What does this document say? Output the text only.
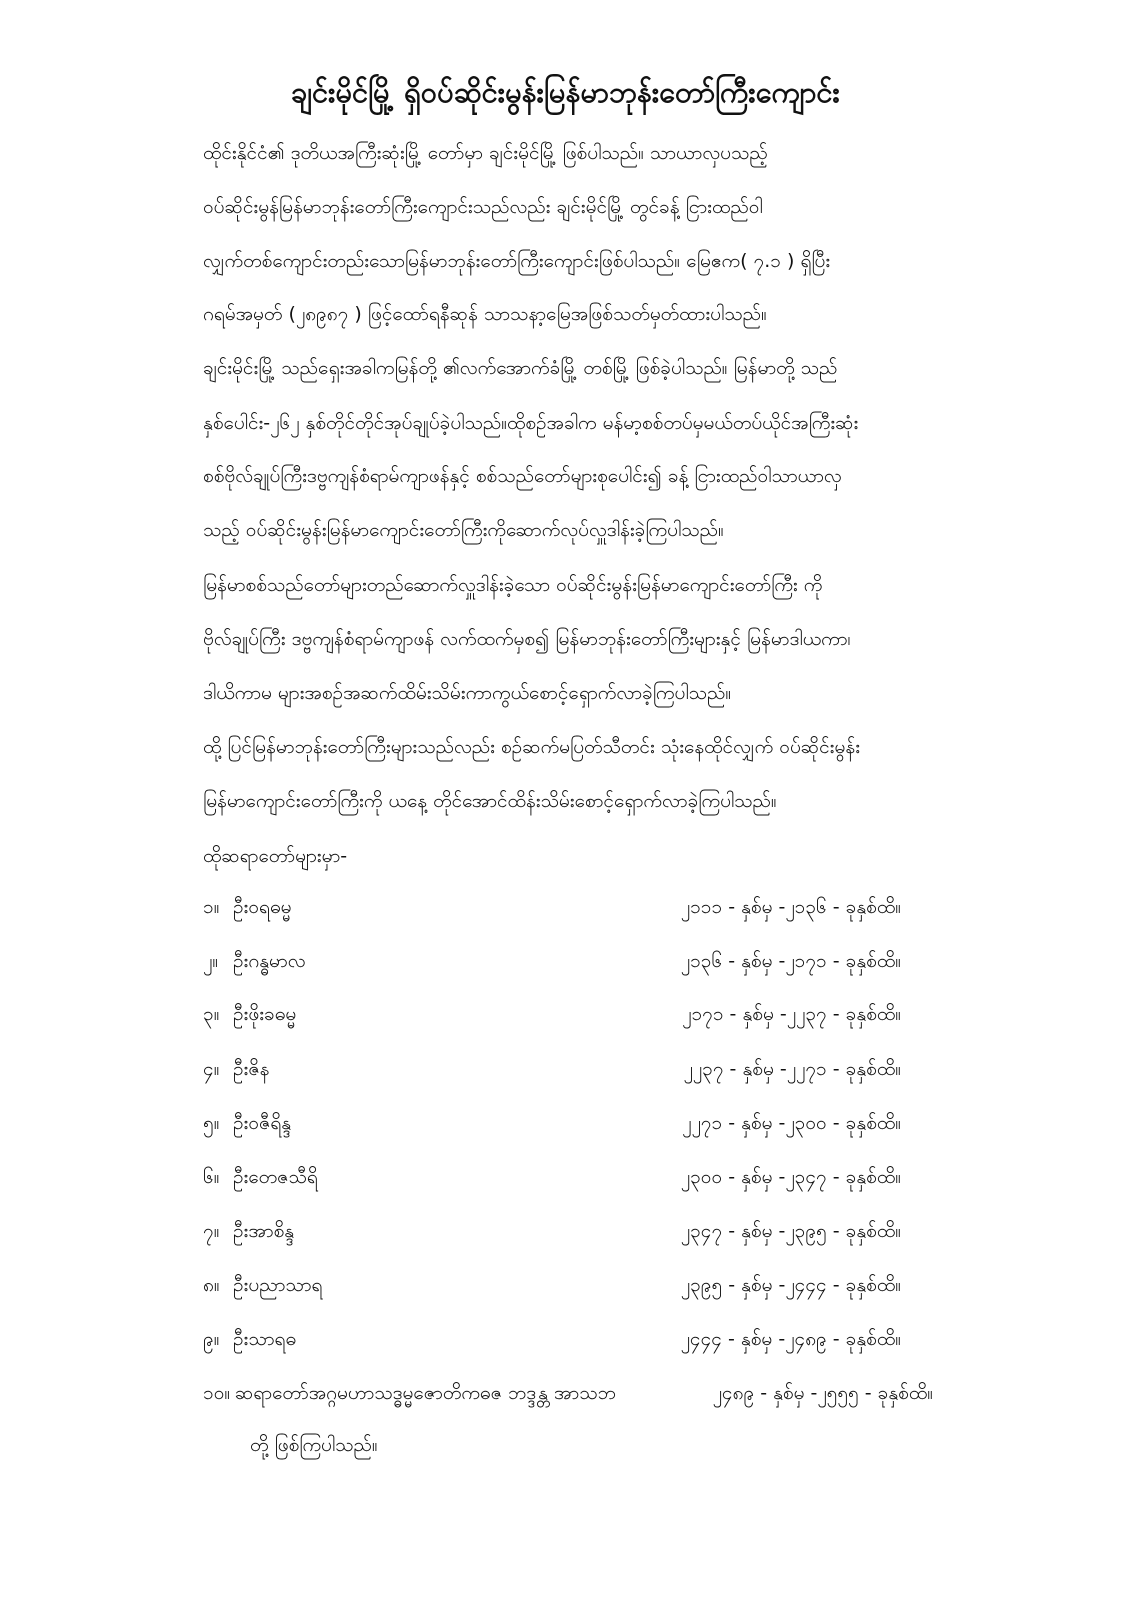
ချင်းမိုင်မြို့ ရှိဝပ်ဆိုင်းမွန်းမြန်မာဘုန်းတော်ကြီးကျောင်း
ထိုင်းနိုင်ငံ၏ ဒုတိယအကြီးဆုံးမြို့ တော်မှာ ချင်းမိုင်မြို့ ဖြစ်ပါသည်။ သာယာလှပသည့်
ဝပ်ဆိုင်းမွန်မြန်မာဘုန်းတော်ကြီးကျောင်းသည်လည်း ချင်းမိုင်မြို့ တွင်ခန့် ငြားထည်ဝါ
လျှက်တစ်ကျောင်းတည်းသောမြန်မာဘုန်းတော်ကြီးကျောင်းဖြစ်ပါသည်။ မြေဧက( ၇.၁ ) ရှိပြီး
ဂရမ်အမှတ် (၂၈၉၈၇ ) ဖြင့်ထော်ရနီဆုန် သာသနာ့မြေအဖြစ်သတ်မှတ်ထားပါသည်။
ချင်းမိုင်းမြို့ သည်ရှေးအခါကမြန်တို့ ၏လက်အောက်ခံမြို့ တစ်မြို့ ဖြစ်ခဲ့ပါသည်။ မြန်မာတို့ သည်
နှစ်ပေါင်း-၂၆၂ နှစ်တိုင်တိုင်အုပ်ချုပ်ခဲ့ပါသည်။ထိုစဉ်အခါက မန်မာ့စစ်တပ်မှမယ်တပ်ယိုင်အကြီးဆုံး
စစ်ဗိုလ်ချုပ်ကြီးဒဗ္ဗကျန်စံရာမ်ကျာဖန်နှင့် စစ်သည်တော်များစုပေါင်း၍ ခန့် ငြားထည်ဝါသာယာလှ
သည့် ဝပ်ဆိုင်းမွန်းမြန်မာကျောင်းတော်ကြီးကိုဆောက်လုပ်လှူဒါန်းခဲ့ကြပါသည်။
မြန်မာစစ်သည်တော်များတည်ဆောက်လှူဒါန်းခဲ့သော ဝပ်ဆိုင်းမွန်းမြန်မာကျောင်းတော်ကြီး ကို
ဗိုလ်ချုပ်ကြီး ဒဗ္ဗကျန်စံရာမ်ကျာဖန် လက်ထက်မှစ၍ မြန်မာဘုန်းတော်ကြီးများနှင့် မြန်မာဒါယကာ၊
ဒါယိကာမ များအစဉ်အဆက်ထိမ်းသိမ်းကာကွယ်စောင့်ရှောက်လာခဲ့ကြပါသည်။
ထို့ ပြင်မြန်မာဘုန်းတော်ကြီးများသည်လည်း စဉ်ဆက်မပြတ်သီတင်း သုံးနေထိုင်လျှက် ဝပ်ဆိုင်းမွန်း
မြန်မာကျောင်းတော်ကြီးကို ယနေ့ တိုင်အောင်ထိန်းသိမ်းစောင့်ရှောက်လာခဲ့ကြပါသည်။
ထိုဆရာတော်များမှာ-
၁။ ဦးဝရဓမ္မ	၂၁၁၁ - နှစ်မှ -၂၁၃၆ - ခုနှစ်ထိ။
၂။ ဦးဂန္ဓမာလ	၂၁၃၆ - နှစ်မှ -၂၁၇၁ - ခုနှစ်ထိ။
၃။ ဦးဖိုးခဓမ္မ	၂၁၇၁ - နှစ်မှ -၂၂၃၇ - ခုနှစ်ထိ။
၄။ ဦးဇိန	၂၂၃၇ - နှစ်မှ -၂၂၇၁ - ခုနှစ်ထိ။
၅။ ဦးဝဇီရိန္ဒ	၂၂၇၁ - နှစ်မှ -၂၃၀၀ - ခုနှစ်ထိ။
၆။ ဦးတေဇသီရိ	၂၃၀၀ - နှစ်မှ -၂၃၄၇ - ခုနှစ်ထိ။
၇။ ဦးအာစိန္ဒ	၂၃၄၇ - နှစ်မှ -၂၃၉၅ - ခုနှစ်ထိ။
၈။ ဦးပညာသာရ	၂၃၉၅ - နှစ်မှ -၂၄၄၄ - ခုနှစ်ထိ။
၉။ ဦးသာရဓ	၂၄၄၄ - နှစ်မှ -၂၄၈၉ - ခုနှစ်ထိ။
၁၀။ ဆရာတော်အဂ္ဂမဟာသဒ္ဓမ္မဇောတိကဓဇ ဘဒ္ဒန္တ အာသဘ	၂၄၈၉ - နှစ်မှ -၂၅၅၅ - ခုနှစ်ထိ။
တို့ ဖြစ်ကြပါသည်။
